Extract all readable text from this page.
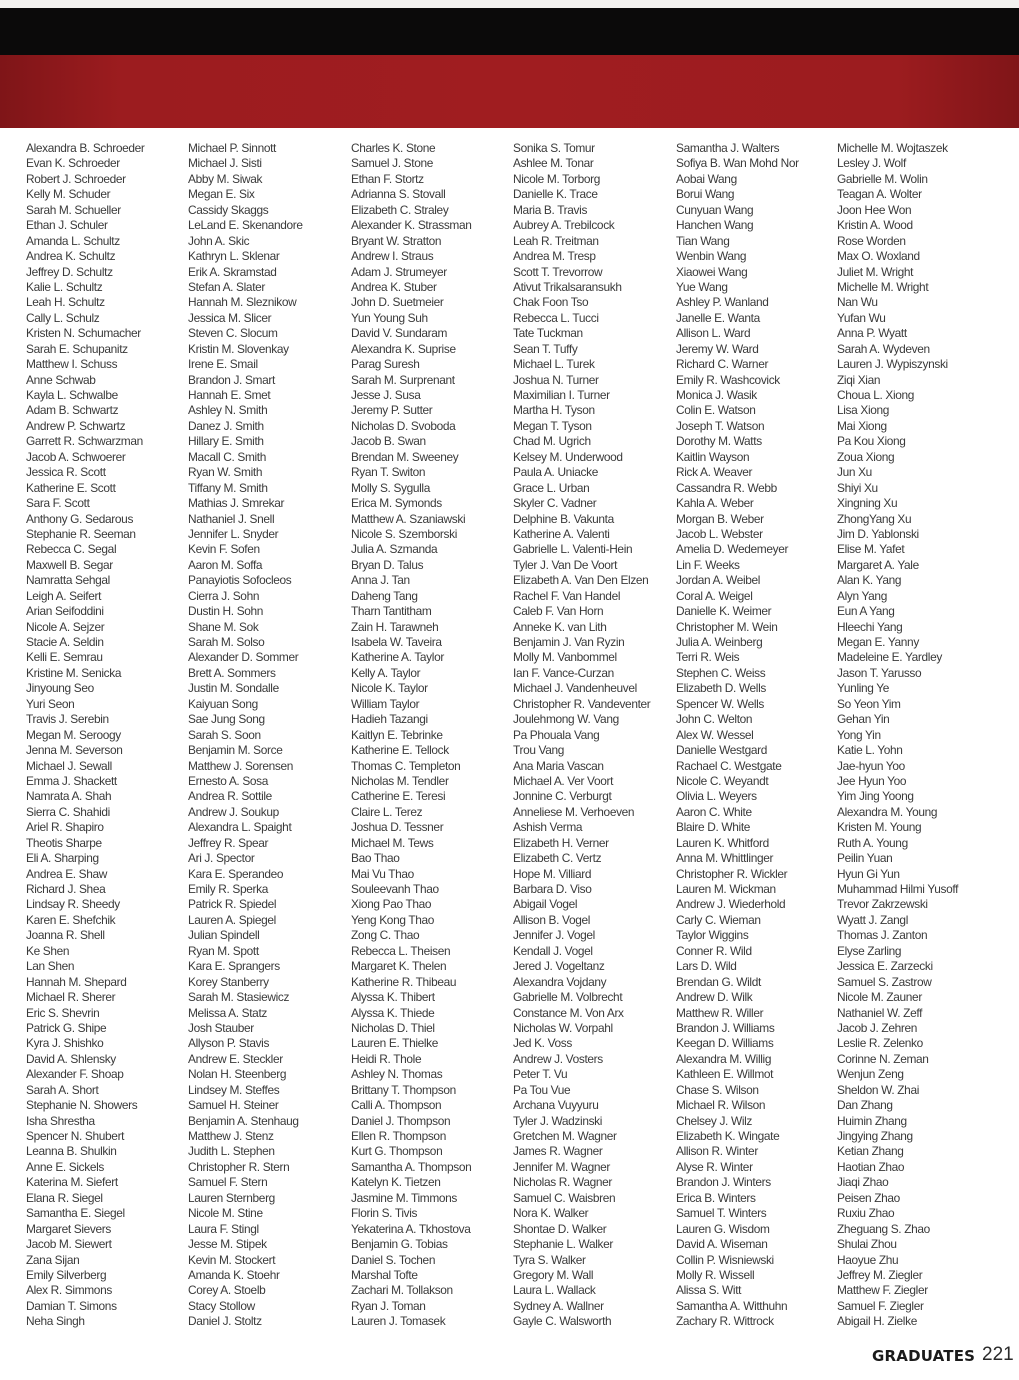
Alexandra B. Schroeder
Evan K. Schroeder
Robert J. Schroeder
Kelly M. Schuder
Sarah M. Schueller
Ethan J. Schuler
Amanda L. Schultz
Andrea K. Schultz
Jeffrey D. Schultz
Kalie L. Schultz
Leah H. Schultz
Cally L. Schulz
Kristen N. Schumacher
Sarah E. Schupanitz
Matthew I. Schuss
Anne Schwab
Kayla L. Schwalbe
Adam B. Schwartz
Andrew P. Schwartz
Garrett R. Schwarzman
Jacob A. Schwoerer
Jessica R. Scott
Katherine E. Scott
Sara F. Scott
Anthony G. Sedarous
Stephanie R. Seeman
Rebecca C. Segal
Maxwell B. Segar
Namratta Sehgal
Leigh A. Seifert
Arian Seifoddini
Nicole A. Sejzer
Stacie A. Seldin
Kelli E. Semrau
Kristine M. Senicka
Jinyoung Seo
Yuri Seon
Travis J. Serebin
Megan M. Seroogy
Jenna M. Severson
Michael J. Sewall
Emma J. Shackett
Namrata A. Shah
Sierra C. Shahidi
Ariel R. Shapiro
Theotis Sharpe
Eli A. Sharping
Andrea E. Shaw
Richard J. Shea
Lindsay R. Sheedy
Karen E. Shefchik
Joanna R. Shell
Ke Shen
Lan Shen
Hannah M. Shepard
Michael R. Sherer
Eric S. Shevrin
Patrick G. Shipe
Kyra J. Shishko
David A. Shlensky
Alexander F. Shoap
Sarah A. Short
Stephanie N. Showers
Isha Shrestha
Spencer N. Shubert
Leanna B. Shulkin
Anne E. Sickels
Katerina M. Siefert
Elana R. Siegel
Samantha E. Siegel
Margaret Sievers
Jacob M. Siewert
Zana Sijan
Emily Silverberg
Alex R. Simmons
Damian T. Simons
Neha Singh
Michael P. Sinnott
Michael J. Sisti
Abby M. Siwak
Megan E. Six
Cassidy Skaggs
LeLand E. Skenandore
John A. Skic
Kathryn L. Sklenar
Erik A. Skramstad
Stefan A. Slater
Hannah M. Sleznikow
Jessica M. Slicer
Steven C. Slocum
Kristin M. Slovenkay
Irene E. Smail
Brandon J. Smart
Hannah E. Smet
Ashley N. Smith
Danez J. Smith
Hillary E. Smith
Macall C. Smith
Ryan W. Smith
Tiffany M. Smith
Mathias J. Smrekar
Nathaniel J. Snell
Jennifer L. Snyder
Kevin F. Sofen
Aaron M. Soffa
Panayiotis Sofocleos
Cierra J. Sohn
Dustin H. Sohn
Shane M. Sok
Sarah M. Solso
Alexander D. Sommer
Brett A. Sommers
Justin M. Sondalle
Kaiyuan Song
Sae Jung Song
Sarah S. Soon
Benjamin M. Sorce
Matthew J. Sorensen
Ernesto A. Sosa
Andrea R. Sottile
Andrew J. Soukup
Alexandra L. Spaight
Jeffrey R. Spear
Ari J. Spector
Kara E. Sperandeo
Emily R. Sperka
Patrick R. Spiedel
Lauren A. Spiegel
Julian Spindell
Ryan M. Spott
Kara E. Sprangers
Korey Stanberry
Sarah M. Stasiewicz
Melissa A. Statz
Josh Stauber
Allyson P. Stavis
Andrew E. Steckler
Nolan H. Steenberg
Lindsey M. Steffes
Samuel H. Steiner
Benjamin A. Stenhaug
Matthew J. Stenz
Judith L. Stephen
Christopher R. Stern
Samuel F. Stern
Lauren Sternberg
Nicole M. Stine
Laura F. Stingl
Jesse M. Stipek
Kevin M. Stockert
Amanda K. Stoehr
Corey A. Stoelb
Stacy Stollow
Daniel J. Stoltz
Charles K. Stone
Samuel J. Stone
Ethan F. Stortz
Adrianna S. Stovall
Elizabeth C. Straley
Alexander K. Strassman
Bryant W. Stratton
Andrew I. Straus
Adam J. Strumeyer
Andrea K. Stuber
John D. Suetmeier
Yun Young Suh
David V. Sundaram
Alexandra K. Suprise
Parag Suresh
Sarah M. Surprenant
Jesse J. Susa
Jeremy P. Sutter
Nicholas D. Svoboda
Jacob B. Swan
Brendan M. Sweeney
Ryan T. Switon
Molly S. Sygulla
Erica M. Symonds
Matthew A. Szaniawski
Nicole S. Szemborski
Julia A. Szmanda
Bryan D. Talus
Anna J. Tan
Daheng Tang
Tharn Tantitham
Zain H. Tarawneh
Isabela W. Taveira
Katherine A. Taylor
Kelly A. Taylor
Nicole K. Taylor
William Taylor
Hadieh Tazangi
Kaitlyn E. Tebrinke
Katherine E. Tellock
Thomas C. Templeton
Nicholas M. Tendler
Catherine E. Teresi
Claire L. Terez
Joshua D. Tessner
Michael M. Tews
Bao Thao
Mai Vu Thao
Souleevanh Thao
Xiong Pao Thao
Yeng Kong Thao
Zong C. Thao
Rebecca L. Theisen
Margaret K. Thelen
Katherine R. Thibeau
Alyssa K. Thibert
Alyssa K. Thiede
Nicholas D. Thiel
Lauren E. Thielke
Heidi R. Thole
Ashley N. Thomas
Brittany T. Thompson
Calli A. Thompson
Daniel J. Thompson
Ellen R. Thompson
Kurt G. Thompson
Samantha A. Thompson
Katelyn K. Tietzen
Jasmine M. Timmons
Florin S. Tivis
Yekaterina A. Tkhostova
Benjamin G. Tobias
Daniel S. Tochen
Marshal Tofte
Zachari M. Tollakson
Ryan J. Toman
Lauren J. Tomasek
Sonika S. Tomur
Ashlee M. Tonar
Nicole M. Torborg
Danielle K. Trace
Maria B. Travis
Aubrey A. Trebilcock
Leah R. Treitman
Andrea M. Tresp
Scott T. Trevorrow
Ativut Trikalsaransukh
Chak Foon Tso
Rebecca L. Tucci
Tate Tuckman
Sean T. Tuffy
Michael L. Turek
Joshua N. Turner
Maximilian I. Turner
Martha H. Tyson
Megan T. Tyson
Chad M. Ugrich
Kelsey M. Underwood
Paula A. Uniacke
Grace L. Urban
Skyler C. Vadner
Delphine B. Vakunta
Katherine A. Valenti
Gabrielle L. Valenti-Hein
Tyler J. Van De Voort
Elizabeth A. Van Den Elzen
Rachel F. Van Handel
Caleb F. Van Horn
Anneke K. van Lith
Benjamin J. Van Ryzin
Molly M. Vanbommel
Ian F. Vance-Curzan
Michael J. Vandenheuvel
Christopher R. Vandeventer
Joulehmong W. Vang
Pa Phouala Vang
Trou Vang
Ana Maria Vascan
Michael A. Ver Voort
Jonnine C. Verburgt
Anneliese M. Verhoeven
Ashish Verma
Elizabeth H. Verner
Elizabeth C. Vertz
Hope M. Villiard
Barbara D. Viso
Abigail Vogel
Allison B. Vogel
Jennifer J. Vogel
Kendall J. Vogel
Jered J. Vogeltanz
Alexandra Vojdany
Gabrielle M. Volbrecht
Constance M. Von Arx
Nicholas W. Vorpahl
Jed K. Voss
Andrew J. Vosters
Peter T. Vu
Pa Tou Vue
Archana Vuyyuru
Tyler J. Wadzinski
Gretchen M. Wagner
James R. Wagner
Jennifer M. Wagner
Nicholas R. Wagner
Samuel C. Waisbren
Nora K. Walker
Shontae D. Walker
Stephanie L. Walker
Tyra S. Walker
Gregory M. Wall
Laura L. Wallack
Sydney A. Wallner
Gayle C. Walsworth
Samantha J. Walters
Sofiya B. Wan Mohd Nor
Aobai Wang
Borui Wang
Cunyuan Wang
Hanchen Wang
Tian Wang
Wenbin Wang
Xiaowei Wang
Yue Wang
Ashley P. Wanland
Janelle E. Wanta
Allison L. Ward
Jeremy W. Ward
Richard C. Warner
Emily R. Washcovick
Monica J. Wasik
Colin E. Watson
Joseph T. Watson
Dorothy M. Watts
Kaitlin Wayson
Rick A. Weaver
Cassandra R. Webb
Kahla A. Weber
Morgan B. Weber
Jacob L. Webster
Amelia D. Wedemeyer
Lin F. Weeks
Jordan A. Weibel
Coral A. Weigel
Danielle K. Weimer
Christopher M. Wein
Julia A. Weinberg
Terri R. Weis
Stephen C. Weiss
Elizabeth D. Wells
Spencer W. Wells
John C. Welton
Alex W. Wessel
Danielle Westgard
Rachael C. Westgate
Nicole C. Weyandt
Olivia L. Weyers
Aaron C. White
Blaire D. White
Lauren K. Whitford
Anna M. Whittlinger
Christopher R. Wickler
Lauren M. Wickman
Andrew J. Wiederhold
Carly C. Wieman
Taylor Wiggins
Conner R. Wild
Lars D. Wild
Brendan G. Wildt
Andrew D. Wilk
Matthew R. Willer
Brandon J. Williams
Keegan D. Williams
Alexandra M. Willig
Kathleen E. Willmot
Chase S. Wilson
Michael R. Wilson
Chelsey J. Wilz
Elizabeth K. Wingate
Allison R. Winter
Alyse R. Winter
Brandon J. Winters
Erica B. Winters
Samuel T. Winters
Lauren G. Wisdom
David A. Wiseman
Collin P. Wisniewski
Molly R. Wissell
Alissa S. Witt
Samantha A. Witthuhn
Zachary R. Wittrock
Michelle M. Wojtaszek
Lesley J. Wolf
Gabrielle M. Wolin
Teagan A. Wolter
Joon Hee Won
Kristin A. Wood
Rose Worden
Max O. Woxland
Juliet M. Wright
Michelle M. Wright
Nan Wu
Yufan Wu
Anna P. Wyatt
Sarah A. Wydeven
Lauren J. Wypiszynski
Ziqi Xian
Choua L. Xiong
Lisa Xiong
Mai Xiong
Pa Kou Xiong
Zoua Xiong
Jun Xu
Shiyi Xu
Xingning Xu
ZhongYang Xu
Jim D. Yablonski
Elise M. Yafet
Margaret A. Yale
Alan K. Yang
Alyn Yang
Eun A Yang
Hleechi Yang
Megan E. Yanny
Madeleine E. Yardley
Jason T. Yarusso
Yunling Ye
So Yeon Yim
Gehan Yin
Yong Yin
Katie L. Yohn
Jae-hyun Yoo
Jee Hyun Yoo
Yim Jing Yoong
Alexandra M. Young
Kristen M. Young
Ruth A. Young
Peilin Yuan
Hyun Gi Yun
Muhammad Hilmi Yusoff
Trevor Zakrzewski
Wyatt J. Zangl
Thomas J. Zanton
Elyse Zarling
Jessica E. Zarzecki
Samuel S. Zastrow
Nicole M. Zauner
Nathaniel W. Zeff
Jacob J. Zehren
Leslie R. Zelenko
Corinne N. Zeman
Wenjun Zeng
Sheldon W. Zhai
Dan Zhang
Huimin Zhang
Jingying Zhang
Ketian Zhang
Haotian Zhao
Jiaqi Zhao
Peisen Zhao
Ruxiu Zhao
Zheguang S. Zhao
Shulai Zhou
Haoyue Zhu
Jeffrey M. Ziegler
Matthew F. Ziegler
Samuel F. Ziegler
Abigail H. Zielke
GRADUATES 221
